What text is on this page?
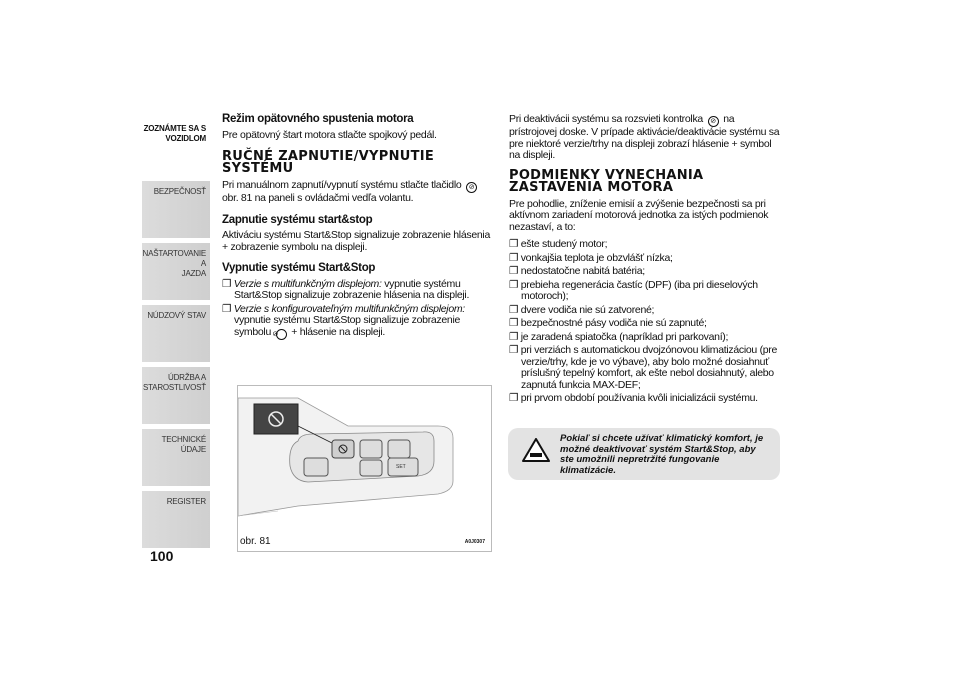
ZOZNÁMTE SA S
VOZIDLOM
BEZPEČNOSŤ
NAŠTARTOVANIE A
JAZDA
NÚDZOVÝ STAV
ÚDRŽBA A
STAROSTLIVOSŤ
TECHNICKÉ ÚDAJE
REGISTER
100
Režim opätovného spustenia motora

Pre opätovný štart motora stlačte spojkový pedál.

RUČNÉ ZAPNUTIE/VYPNUTIE SYSTÉMU

Pri manuálnom zapnutí/vypnutí systému stlačte tlačidlo ⊘ obr. 81 na paneli s ovládačmi vedľa volantu.

Zapnutie systému start&stop

Aktiváciu systému Start&Stop signalizuje zobrazenie hlásenia + zobrazenie symbolu na displeji.

Vypnutie systému Start&Stop
❐ Verzie s multifunkčným displejom: vypnutie systému Start&Stop signalizuje zobrazenie hlásenia na displeji.
❐ Verzie s konfigurovateľným multifunkčným displejom: vypnutie systému Start&Stop signalizuje zobrazenie symbolu ⊘ + hlásenie na displeji.
SET
obr. 81	A0J0307

Pri deaktivácii systému sa rozsvieti kontrolka ⊘ na prístrojovej doske. V prípade aktivácie/deaktivácie systému sa pre niektoré verzie/trhy na displeji zobrazí hlásenie + symbol na displeji.

PODMIENKY VYNECHANIA ZASTAVENIA MOTORA

Pre pohodlie, zníženie emisií a zvýšenie bezpečnosti sa pri aktívnom zariadení motorová jednotka za istých podmienok nezastaví, a to:

❐ ešte studený motor;
❐ vonkajšia teplota je obzvlášť nízka;
❐ nedostatočne nabitá batéria;
❐ prebieha regenerácia častíc (DPF) (iba pri dieselových motoroch);
❐ dvere vodiča nie sú zatvorené;
❐ bezpečnostné pásy vodiča nie sú zapnuté;
❐ je zaradená spiatočka (napríklad pri parkovaní);
❐ pri verziách s automatickou dvojzónovou klimatizáciou (pre verzie/trhy, kde je vo výbave), aby bolo možné dosiahnuť príslušný tepelný komfort, ak ešte nebol dosiahnutý, alebo zapnutá funkcia MAX-DEF;
❐ pri prvom období používania kvôli inicializácii systému.
Pokiaľ si chcete užívať klimatický komfort, je možné deaktivovať systém Start&Stop, aby ste umožnili nepretržité fungovanie klimatizácie.
